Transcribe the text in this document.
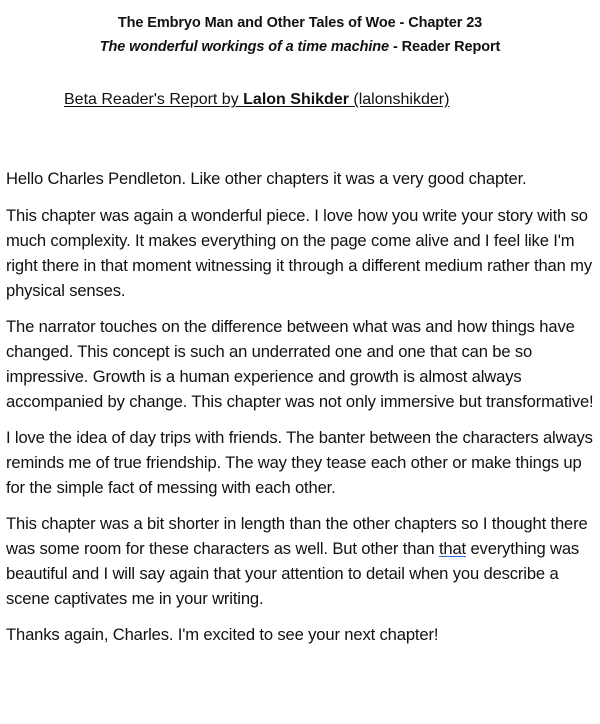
The Embryo Man and Other Tales of Woe - Chapter 23
The wonderful workings of a time machine - Reader Report
Beta Reader's Report by Lalon Shikder (lalonshikder)

Hello Charles Pendleton. Like other chapters it was a very good chapter.

This chapter was again a wonderful piece. I love how you write your story with so much complexity. It makes everything on the page come alive and I feel like I'm right there in that moment witnessing it through a different medium rather than my physical senses.

The narrator touches on the difference between what was and how things have changed. This concept is such an underrated one and one that can be so impressive. Growth is a human experience and growth is almost always accompanied by change. This chapter was not only immersive but transformative!

I love the idea of day trips with friends. The banter between the characters always reminds me of true friendship. The way they tease each other or make things up for the simple fact of messing with each other.

This chapter was a bit shorter in length than the other chapters so I thought there was some room for these characters as well. But other than that everything was beautiful and I will say again that your attention to detail when you describe a scene captivates me in your writing.

Thanks again, Charles. I'm excited to see your next chapter!
